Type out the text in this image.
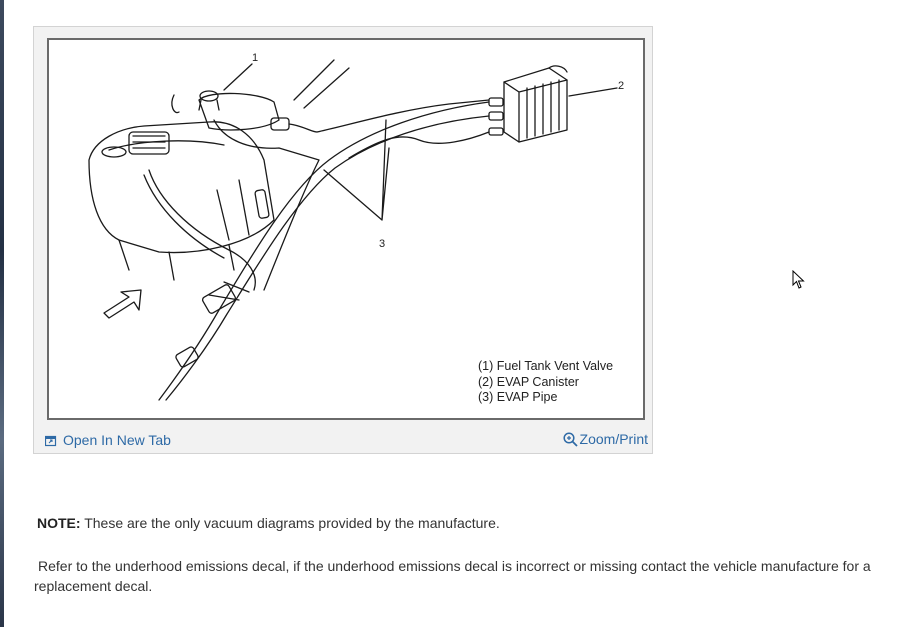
1
2
3
(1) Fuel Tank Vent Valve
(2) EVAP Canister
(3) EVAP Pipe
Open In New Tab	Zoom/Print
NOTE: These are the only vacuum diagrams provided by the manufacture.
Refer to the underhood emissions decal, if the underhood emissions decal is incorrect or missing contact the vehicle manufacture for a replacement decal.
